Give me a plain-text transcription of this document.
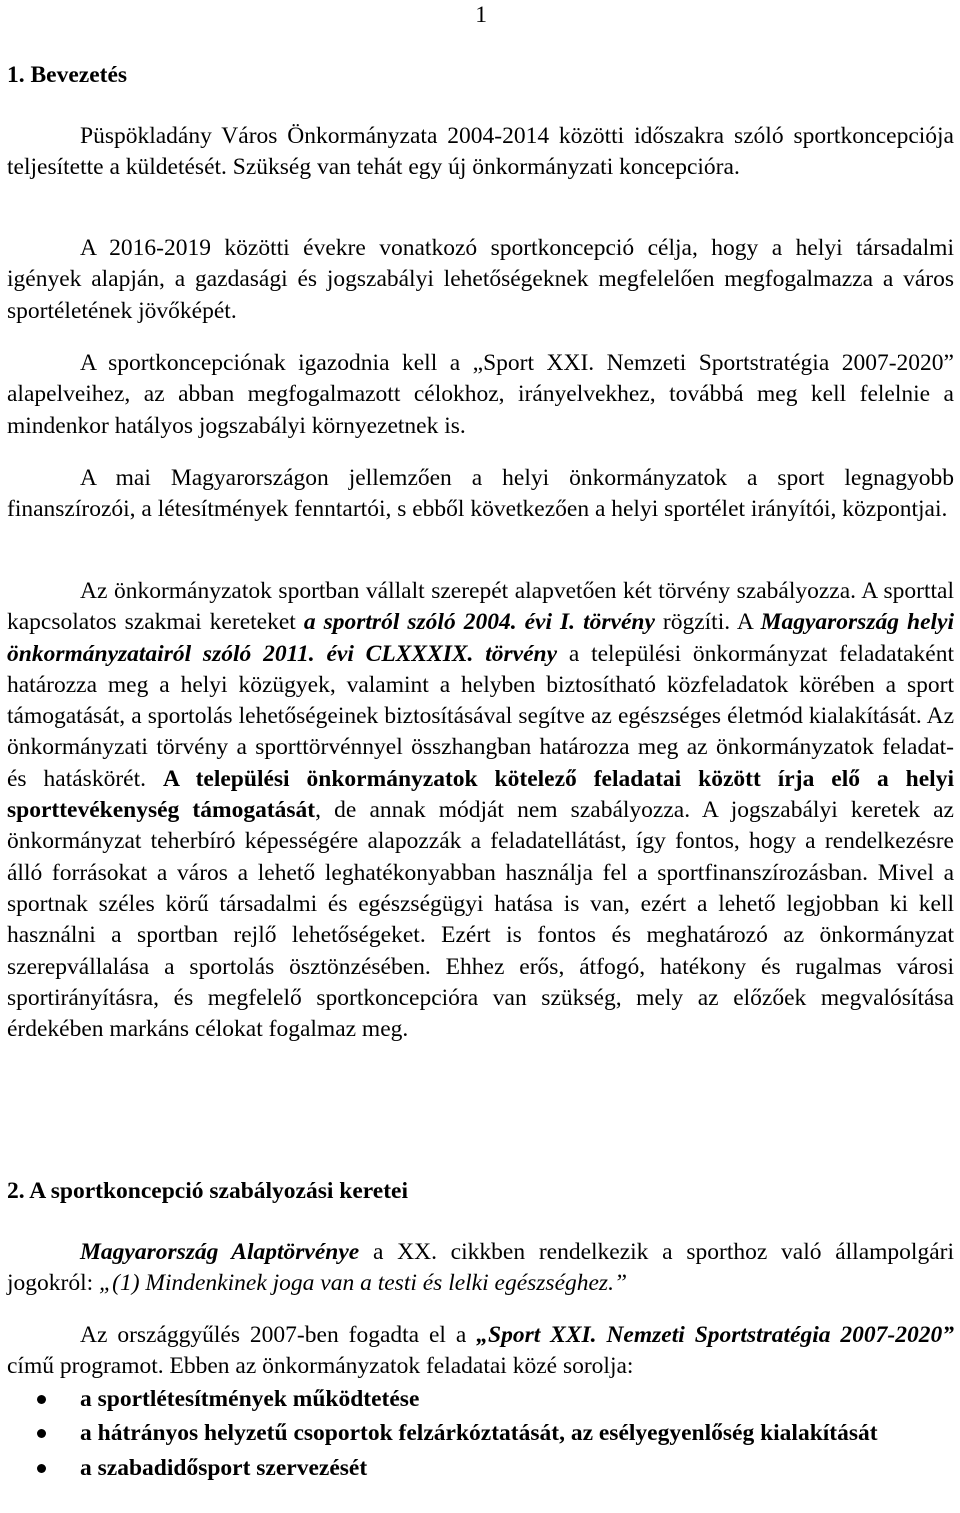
1
1. Bevezetés

Püspökladány Város Önkormányzata 2004-2014 közötti időszakra szóló sportkoncepciója teljesítette a küldetését. Szükség van tehát egy új önkormányzati koncepcióra.

A 2016-2019 közötti évekre vonatkozó sportkoncepció célja, hogy a helyi társadalmi igények alapján, a gazdasági és jogszabályi lehetőségeknek megfelelően megfogalmazza a város sportéletének jövőképét.

A sportkoncepciónak igazodnia kell a „Sport XXI. Nemzeti Sportstratégia 2007-2020” alapelveihez, az abban megfogalmazott célokhoz, irányelvekhez, továbbá meg kell felelnie a mindenkor hatályos jogszabályi környezetnek is.

A mai Magyarországon jellemzően a helyi önkormányzatok a sport legnagyobb finanszírozói, a létesítmények fenntartói, s ebből következően a helyi sportélet irányítói, központjai.

Az önkormányzatok sportban vállalt szerepét alapvetően két törvény szabályozza. A sporttal kapcsolatos szakmai kereteket a sportról szóló 2004. évi I. törvény rögzíti. A Magyarország helyi önkormányzatairól szóló 2011. évi CLXXXIX. törvény a települési önkormányzat feladataként határozza meg a helyi közügyek, valamint a helyben biztosítható közfeladatok körében a sport támogatását, a sportolás lehetőségeinek biztosításával segítve az egészséges életmód kialakítását. Az önkormányzati törvény a sporttörvénnyel összhangban határozza meg az önkormányzatok feladat- és hatáskörét. A települési önkormányzatok kötelező feladatai között írja elő a helyi sporttevékenység támogatását, de annak módját nem szabályozza. A jogszabályi keretek az önkormányzat teherbíró képességére alapozzák a feladatellátást, így fontos, hogy a rendelkezésre álló forrásokat a város a lehető leghatékonyabban használja fel a sportfinanszírozásban. Mivel a sportnak széles körű társadalmi és egészségügyi hatása is van, ezért a lehető legjobban ki kell használni a sportban rejlő lehetőségeket. Ezért is fontos és meghatározó az önkormányzat szerepvállalása a sportolás ösztönzésében. Ehhez erős, átfogó, hatékony és rugalmas városi sportirányításra, és megfelelő sportkoncepcióra van szükség, mely az előzőek megvalósítása érdekében markáns célokat fogalmaz meg.

2. A sportkoncepció szabályozási keretei

Magyarország Alaptörvénye a XX. cikkben rendelkezik a sporthoz való állampolgári jogokról: „(1) Mindenkinek joga van a testi és lelki egészséghez.”

Az országgyűlés 2007-ben fogadta el a „Sport XXI. Nemzeti Sportstratégia 2007-2020” című programot. Ebben az önkormányzatok feladatai közé sorolja:

a sportlétesítmények működtetése
a hátrányos helyzetű csoportok felzárkóztatását, az esélyegyenlőség kialakítását
a szabadidősport szervezését
